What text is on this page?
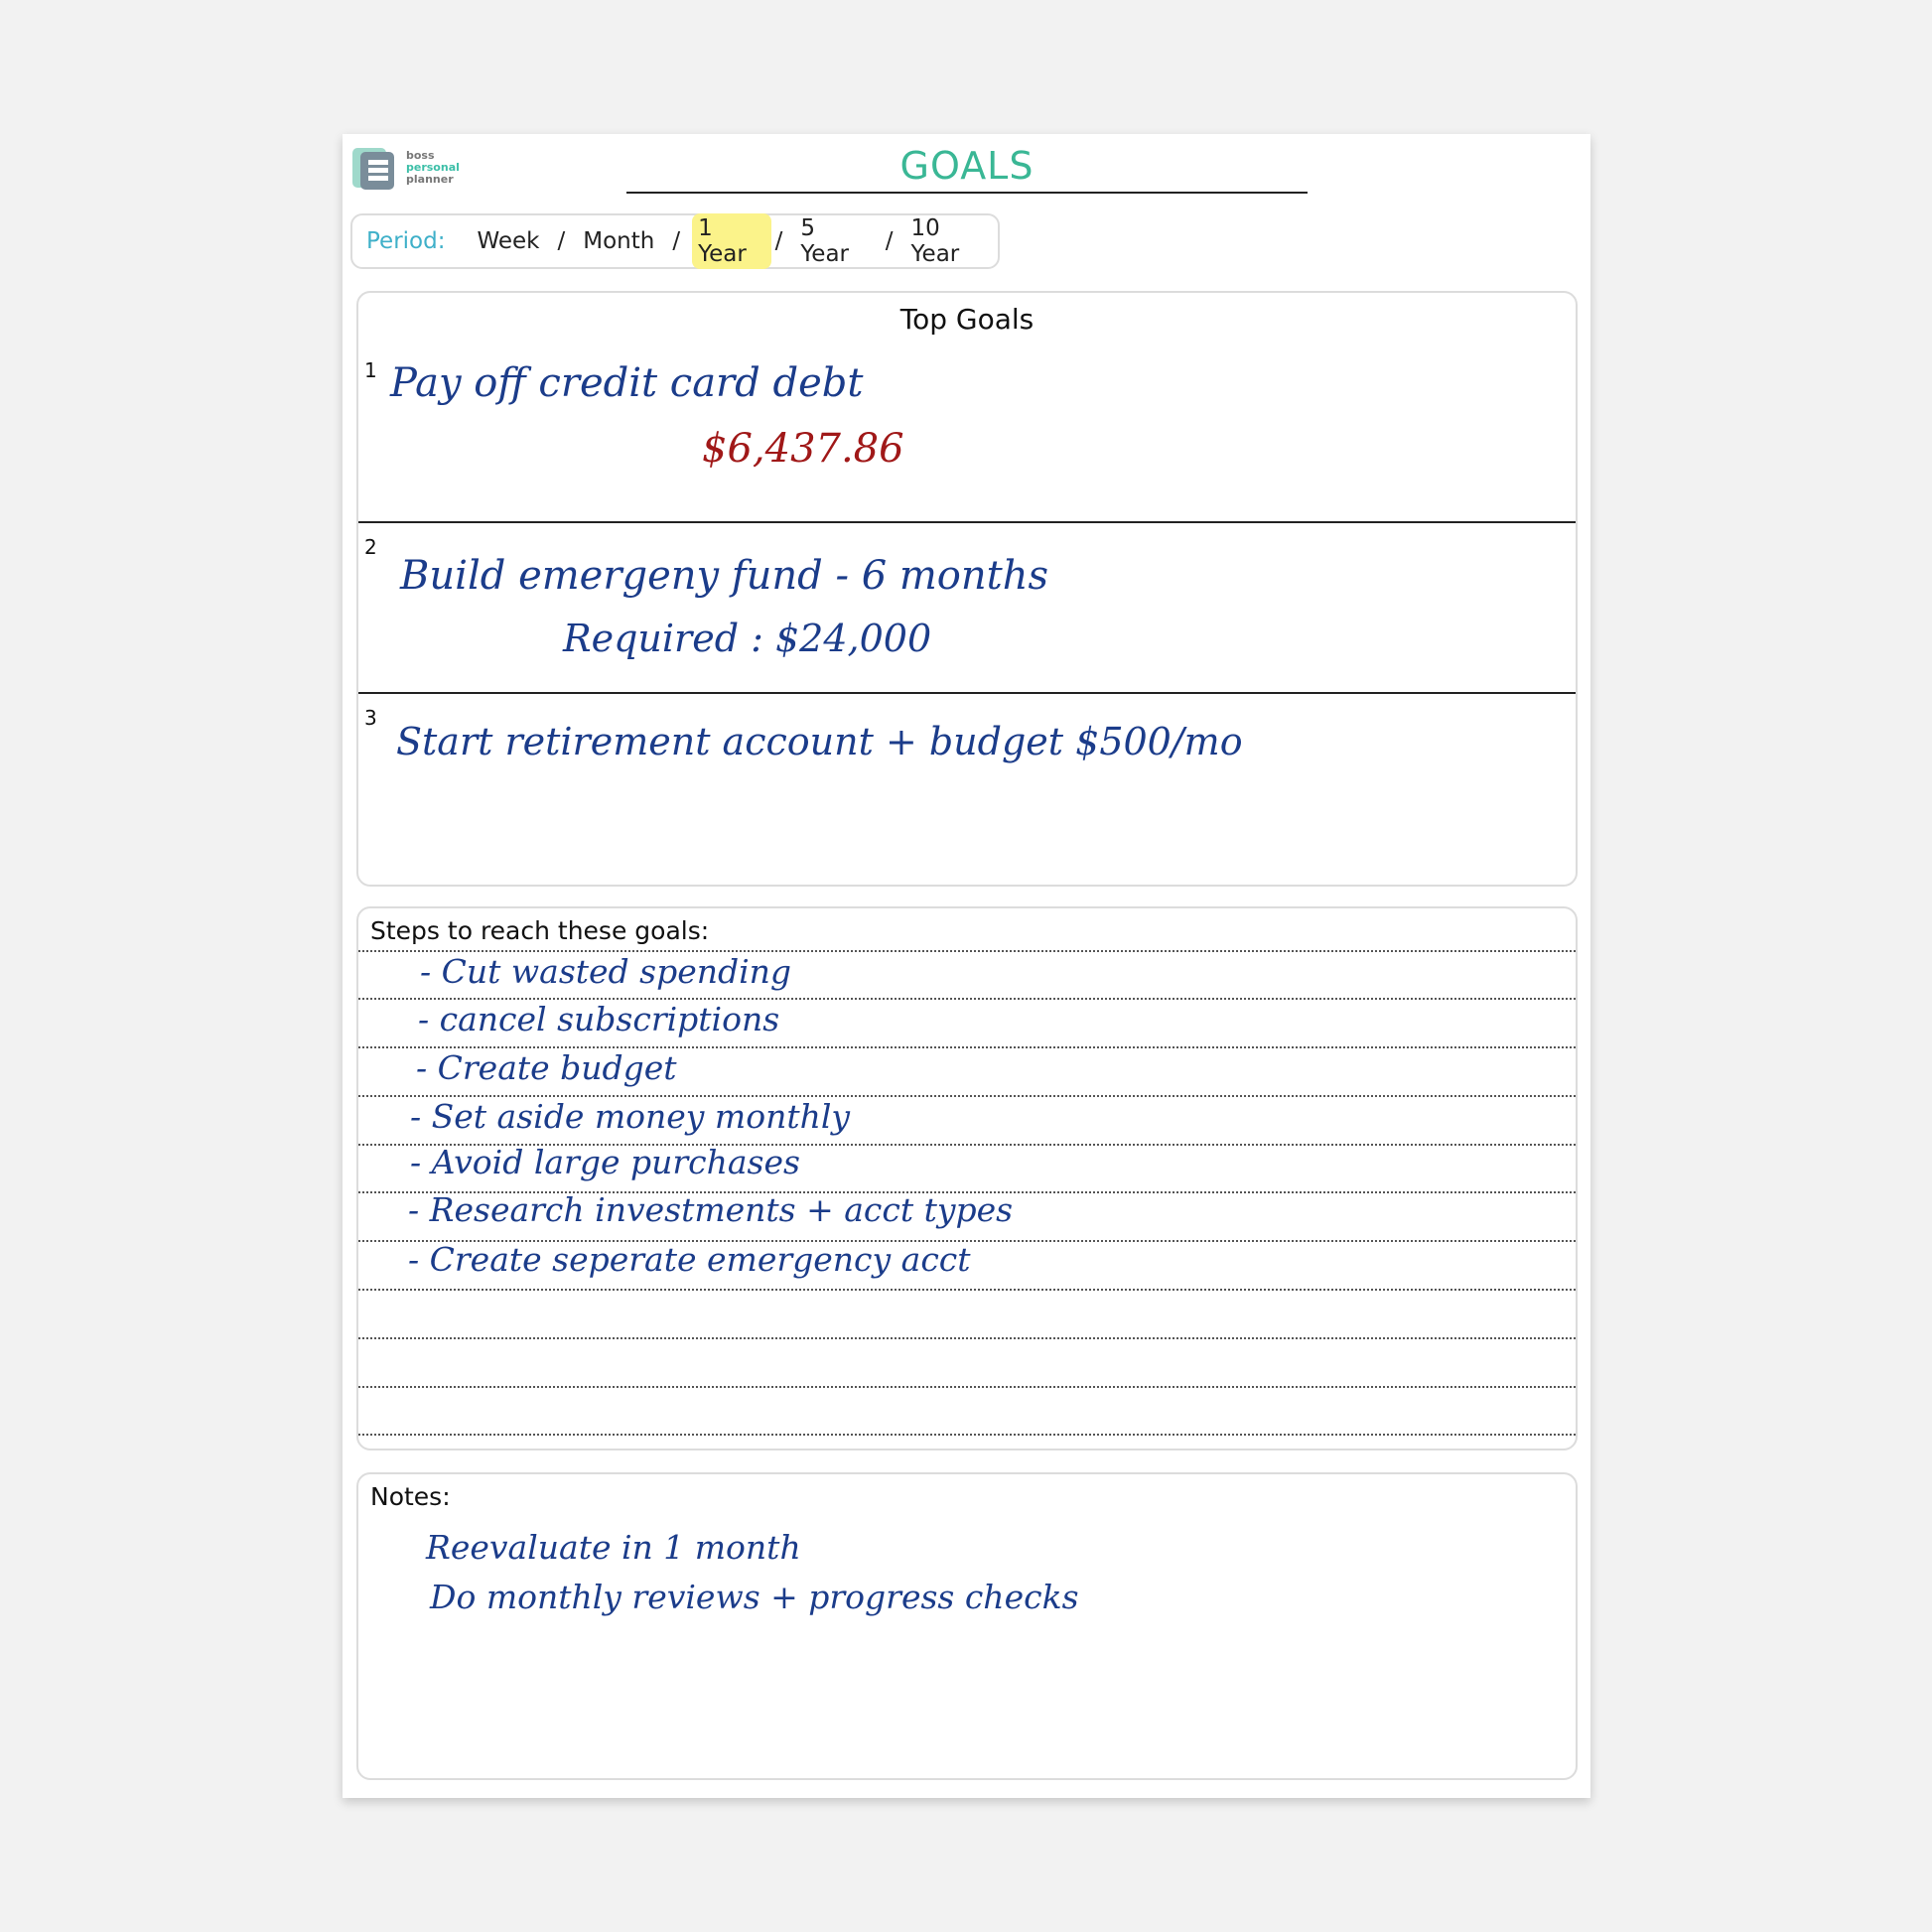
boss
personal
planner	GOALS
Period: Week / Month / 1 Year	/ 5 Year	/ 10 Year
Top Goals
1 Pay off credit card debt
$6,437.86
2
Build emergeny fund - 6 months
Required : $24,000
3
Start retirement account + budget $500/mo
Steps to reach these goals:
- Cut wasted spending
- cancel subscriptions
- Create budget
- Set aside money monthly
- Avoid large purchases
- Research investments + acct types
- Create seperate emergency acct
Notes:
Reevaluate in 1 month
Do monthly reviews + progress checks
